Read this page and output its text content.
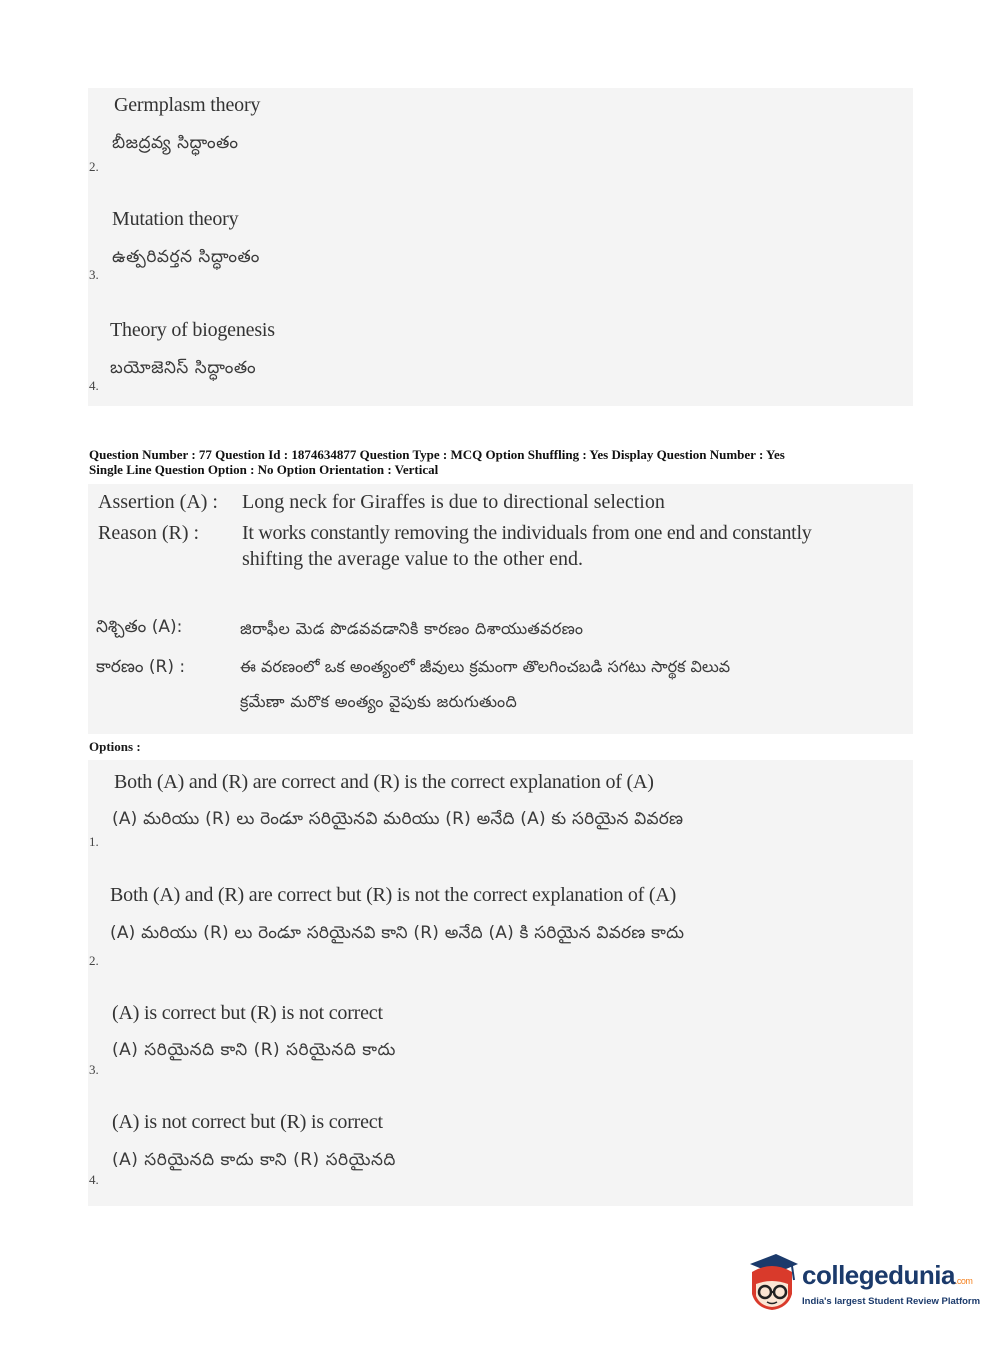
Germplasm theory
బీజద్రవ్య సిద్ధాంతం
2.
Mutation theory
ఉత్పరివర్తన సిద్ధాంతం
3.
Theory of biogenesis
బయోజెనిస్ సిద్ధాంతం
4.
Question Number : 77 Question Id : 1874634877 Question Type : MCQ Option Shuffling : Yes Display Question Number : Yes
Single Line Question Option : No Option Orientation : Vertical
Assertion (A) : Long neck for Giraffes is due to directional selection
Reason (R) : It works constantly removing the individuals from one end and constantly
shifting the average value to the other end.
నిశ్చితం (A):	జిరాఫీల మెడ పొడవవడానికి కారణం దిశాయుతవరణం
కారణం (R) :	ఈ వరణంలో ఒక అంత్యంలో జీవులు క్రమంగా తొలగించబడి సగటు సార్థక విలువ
క్రమేణా మరొక అంత్యం వైపుకు జరుగుతుంది
Options :
Both (A) and (R) are correct and (R) is the correct explanation of (A)
(A) మరియు (R) లు రెండూ సరియైనవి మరియు (R) అనేది (A) కు సరియైన వివరణ
1.
Both (A) and (R) are correct but (R) is not the correct explanation of (A)
(A) మరియు (R) లు రెండూ సరియైనవి కాని (R) అనేది (A) కి సరియైన వివరణ కాదు
2.
(A) is correct but (R) is not correct
(A) సరియైనది కాని (R) సరియైనది కాదు
3.
(A) is not correct but (R) is correct
(A) సరియైనది కాదు కాని (R) సరియైనది
4.
collegedunia.com
India's largest Student Review Platform
